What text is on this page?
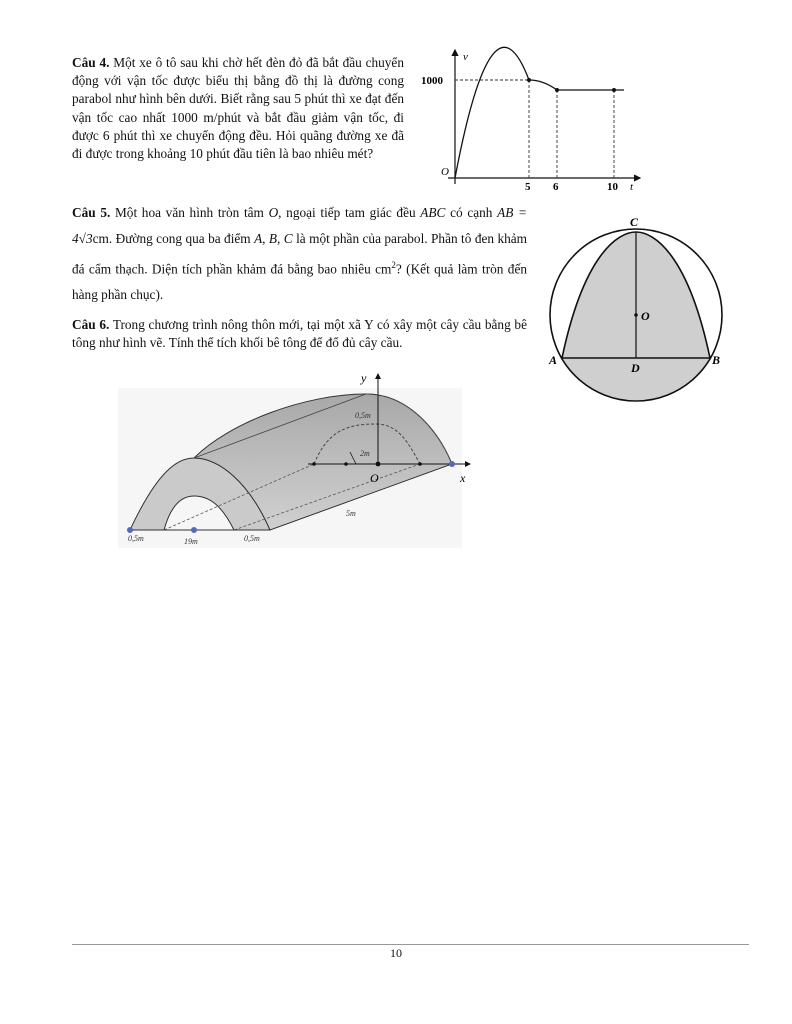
Câu 4. Một xe ô tô sau khi chờ hết đèn đỏ đã bắt đầu chuyển động với vận tốc được biểu thị bằng đồ thị là đường cong parabol như hình bên dưới. Biết rằng sau 5 phút thì xe đạt đến vận tốc cao nhất 1000 m/phút và bắt đầu giảm vận tốc, đi được 6 phút thì xe chuyển động đều. Hỏi quãng đường xe đã đi được trong khoảng 10 phút đầu tiên là bao nhiêu mét?

v
t
O
1000
5 6	10

Câu 5. Một hoa văn hình tròn tâm O, ngoại tiếp tam giác đều ABC có cạnh AB = 4√3cm. Đường cong qua ba điểm A, B, C là một phần của parabol. Phần tô đen khảm đá cẩm thạch. Diện tích phần khảm đá bằng bao nhiêu $cm^2$? (Kết quả làm tròn đến hàng phần chục).

C
O
A	B
D

Câu 6. Trong chương trình nông thôn mới, tại một xã Y có xây một cây cầu bằng bê tông như hình vẽ. Tính thể tích khối bê tông để đổ đủ cây cầu.

y
x
O
0,5m
2m
5m
0,5m	19m	0,5m
10
